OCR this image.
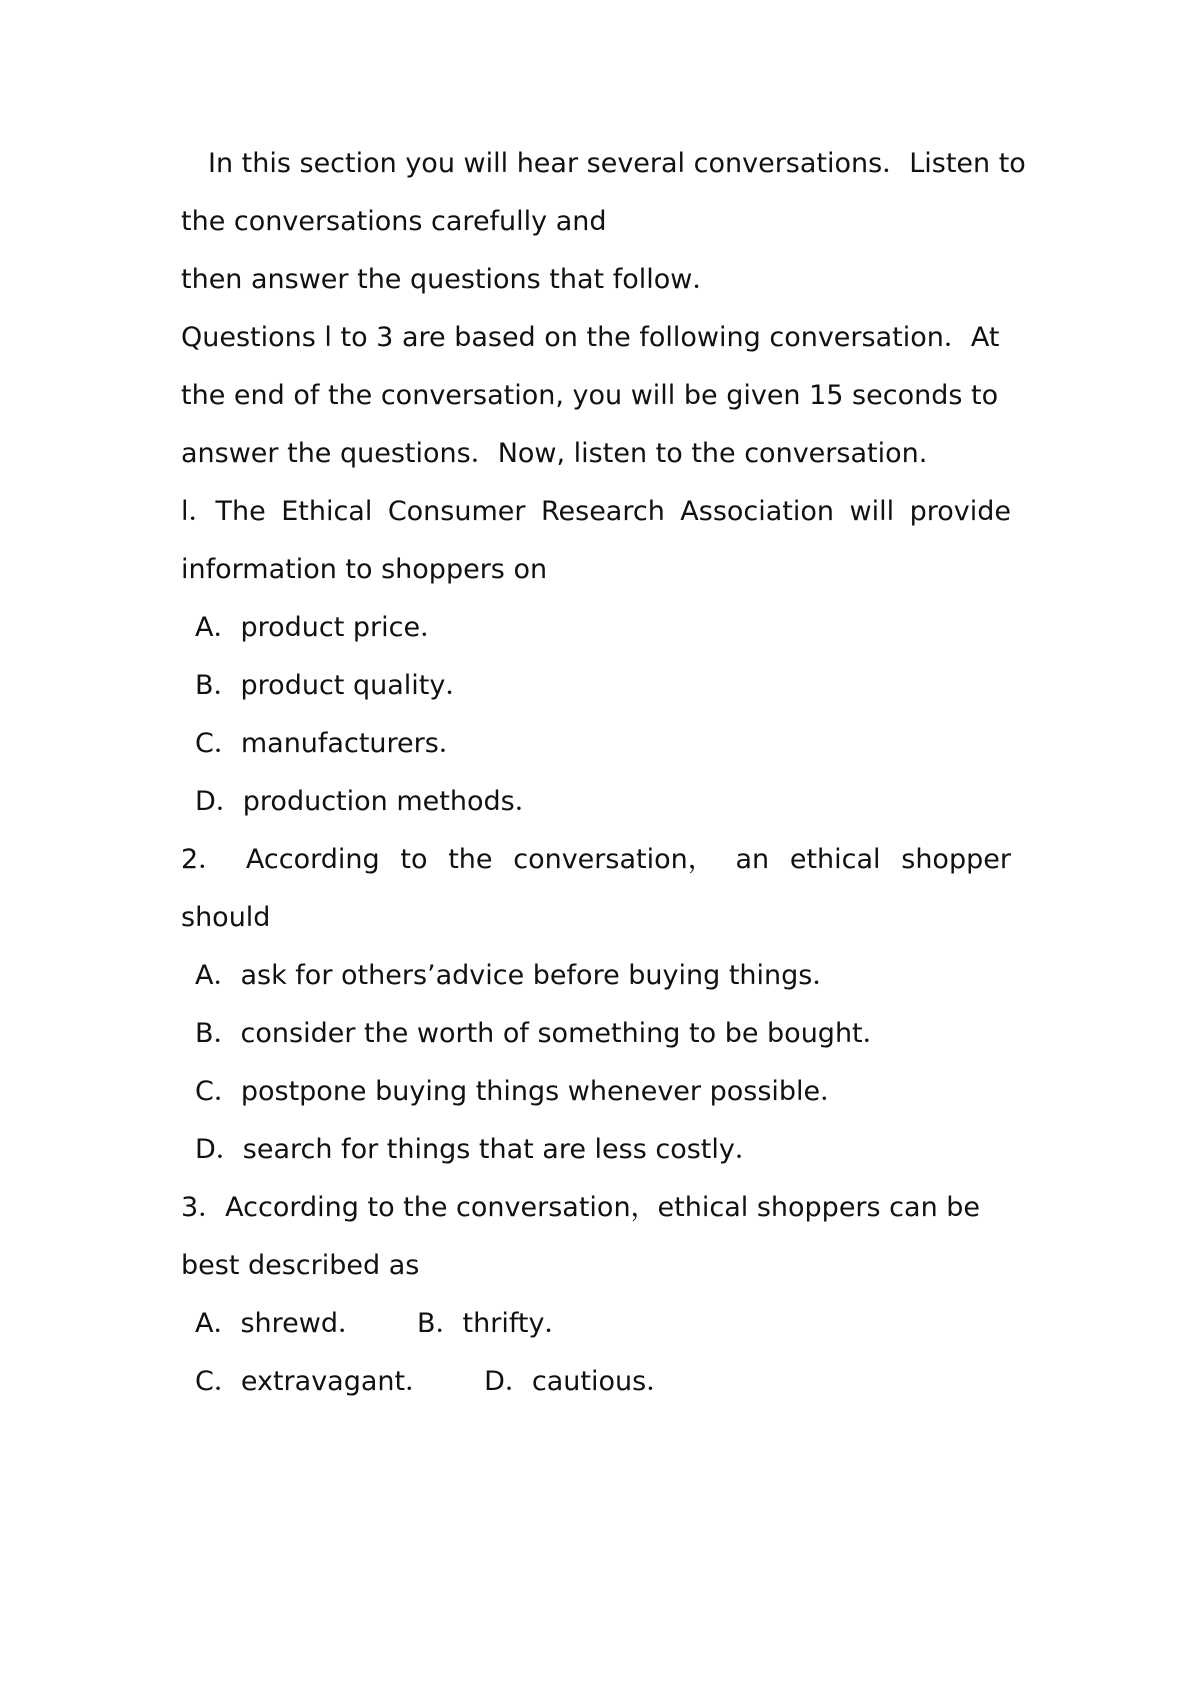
In this section you will hear several conversations．Listen to
the conversations carefully and
then answer the questions that follow．
Questions l to 3 are based on the following conversation．At
the end of the conversation, you will be given 15 seconds to
answer the questions．Now, listen to the conversation.
l．The Ethical Consumer Research Association will provide
information to shoppers on
A．product price．
B．product quality．
C．manufacturers．
D．production methods．
2． According to the conversation， an ethical shopper
should
A．ask for others’advice before buying things．
B．consider the worth of something to be bought．
C．postpone buying things whenever possible．
D．search for things that are less costly．
3．According to the conversation，ethical shoppers can be
best described as
A．shrewd． B．thrifty．
C．extravagant． D．cautious．
